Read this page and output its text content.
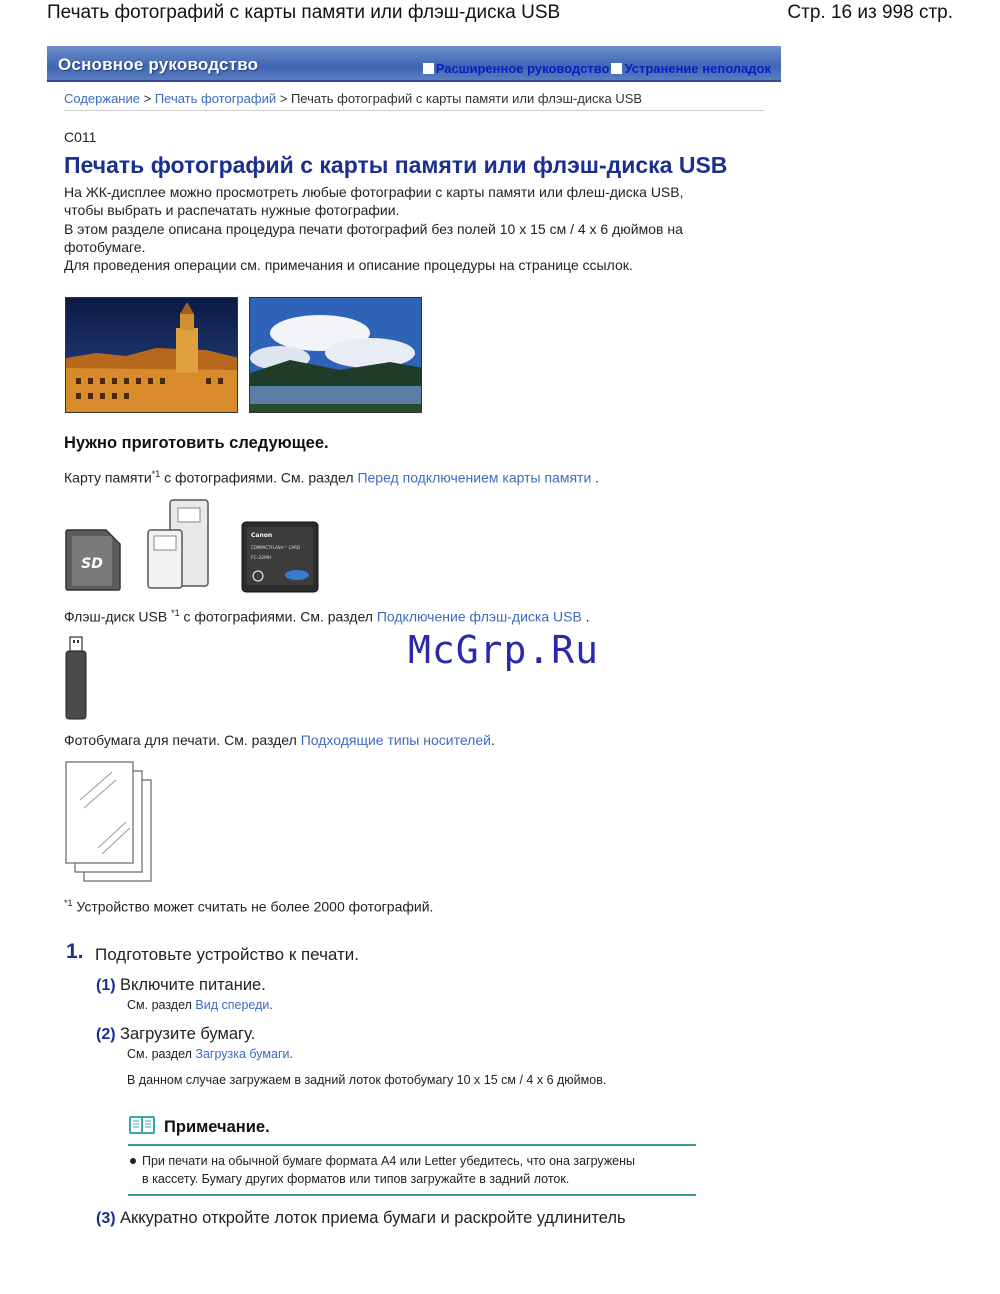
Печать фотографий с карты памяти или флэш-диска USB	Стр. 16 из 998 стр.
Основное руководство	Расширенное руководство Устранение неполадок
Содержание > Печать фотографий > Печать фотографий с карты памяти или флэш-диска USB
C011
Печать фотографий с карты памяти или флэш-диска USB
На ЖК-дисплее можно просмотреть любые фотографии с карты памяти или флеш-диска USB,
чтобы выбрать и распечатать нужные фотографии.
В этом разделе описана процедура печати фотографий без полей 10 x 15 см / 4 x 6 дюймов на
фотобумаге.
Для проведения операции см. примечания и описание процедуры на странице ссылок.
Нужно приготовить следующее.
Карту памяти$^{*1}$ с фотографиями. См. раздел Перед подключением карты памяти .
SD
Canon
COMPACTFLASH™ CARD
FC-32MH
Флэш-диск USB $^{*1}$ с фотографиями. См. раздел Подключение флэш-диска USB .
McGrp.Ru
Фотобумага для печати. См. раздел Подходящие типы носителей.
$^{*1}$ Устройство может считать не более 2000 фотографий.
1. Подготовьте устройство к печати.
(1) Включите питание.
См. раздел Вид спереди.
(2) Загрузите бумагу.
См. раздел Загрузка бумаги.
В данном случае загружаем в задний лоток фотобумагу 10 x 15 см / 4 x 6 дюймов.
Примечание.
При печати на обычной бумаге формата A4 или Letter убедитесь, что она загружены
в кассету. Бумагу других форматов или типов загружайте в задний лоток.
(3) Аккуратно откройте лоток приема бумаги и раскройте удлинитель
